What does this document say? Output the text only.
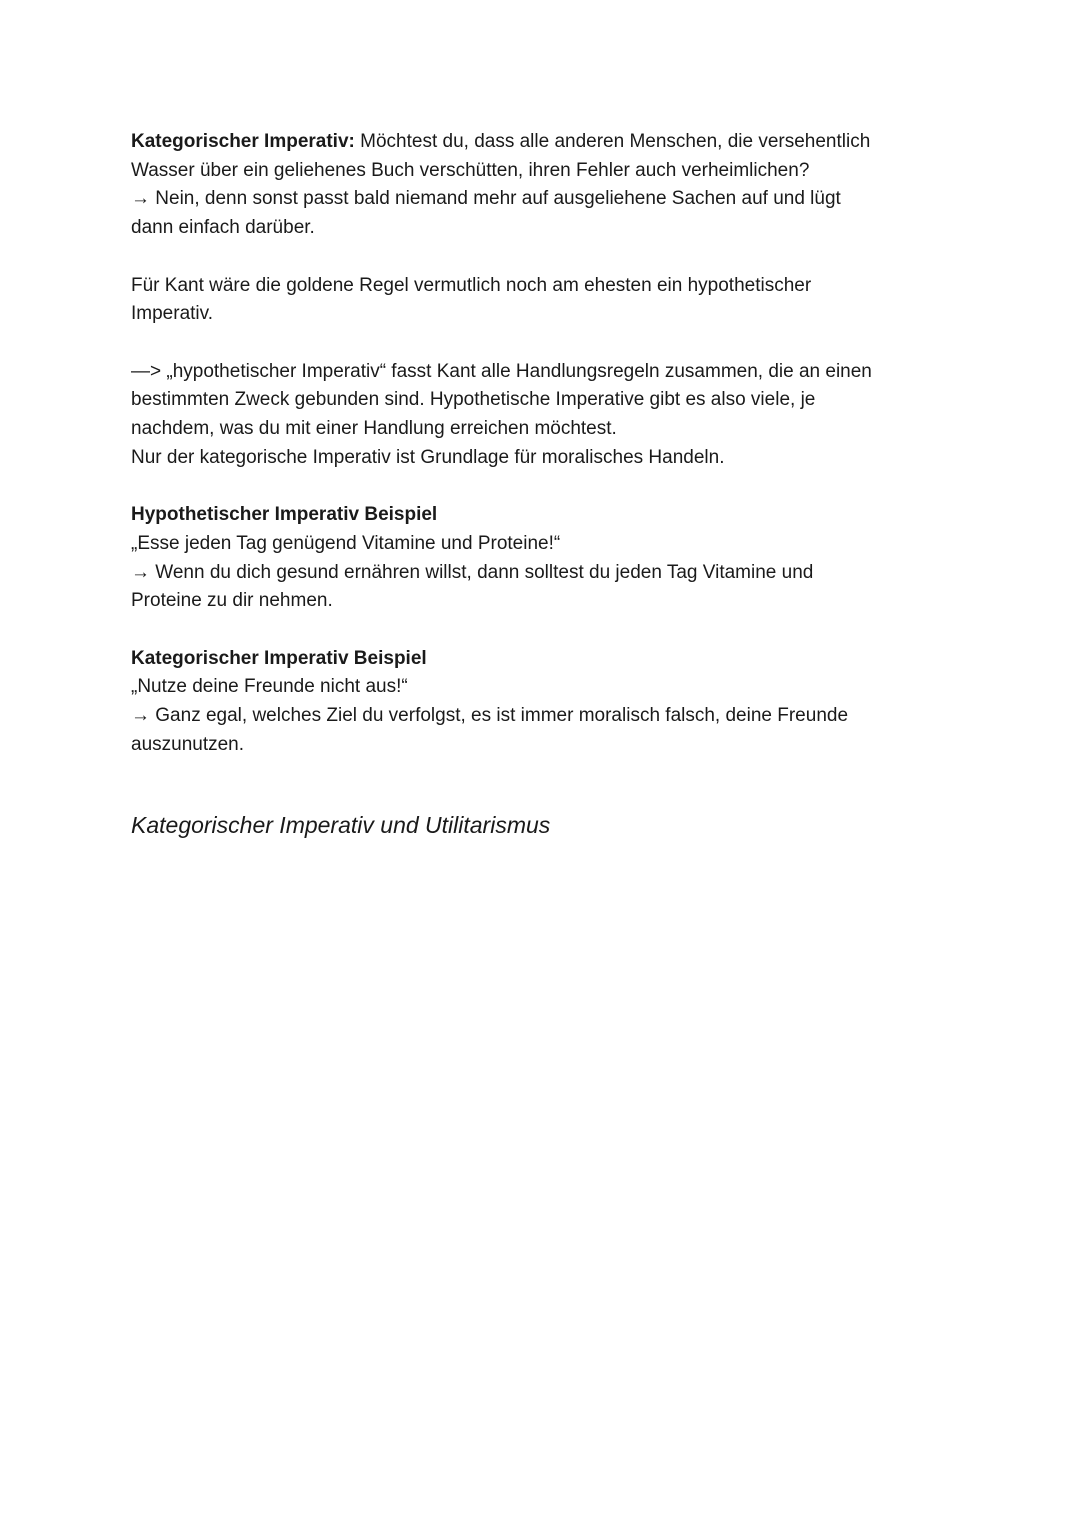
Kategorischer Imperativ: Möchtest du, dass alle anderen Menschen, die versehentlich
Wasser über ein geliehenes Buch verschütten, ihren Fehler auch verheimlichen?
→ Nein, denn sonst passt bald niemand mehr auf ausgeliehene Sachen auf und lügt
dann einfach darüber.
Für Kant wäre die goldene Regel vermutlich noch am ehesten ein hypothetischer
Imperativ.
—> „hypothetischer Imperativ“ fasst Kant alle Handlungsregeln zusammen, die an einen
bestimmten Zweck gebunden sind. Hypothetische Imperative gibt es also viele, je
nachdem, was du mit einer Handlung erreichen möchtest.
Nur der kategorische Imperativ ist Grundlage für moralisches Handeln.
Hypothetischer Imperativ Beispiel
„Esse jeden Tag genügend Vitamine und Proteine!“
→ Wenn du dich gesund ernähren willst, dann solltest du jeden Tag Vitamine und
Proteine zu dir nehmen.
Kategorischer Imperativ Beispiel
„Nutze deine Freunde nicht aus!“
→ Ganz egal, welches Ziel du verfolgst, es ist immer moralisch falsch, deine Freunde
auszunutzen.
Kategorischer Imperativ und Utilitarismus
